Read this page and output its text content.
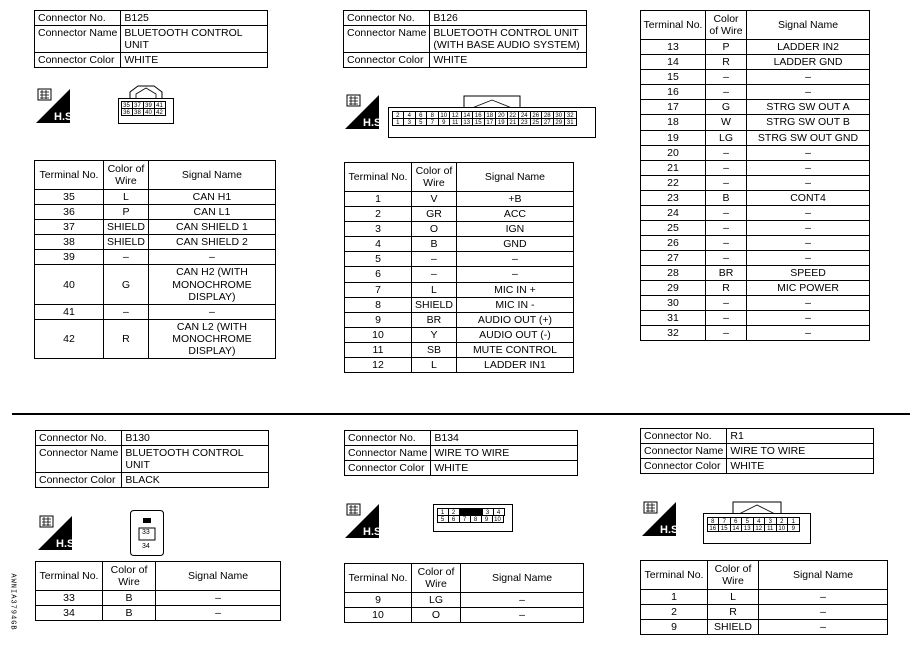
Connector No.	B125
Connector Name	BLUETOOTH CONTROL UNIT
Connector Color	WHITE
35 37 39 41
36 38 40 42
Terminal No.	Color of Wire	Signal Name
35	L	CAN H1
36	P	CAN L1
37	SHIELD	CAN SHIELD 1
38	SHIELD	CAN SHIELD 2
39	–	–
40	G	CAN H2 (WITH MONOCHROME DISPLAY)
41	–	–
42	R	CAN L2 (WITH MONOCHROME DISPLAY)
Connector No.	B126
Connector Name	BLUETOOTH CONTROL UNIT (WITH BASE AUDIO SYSTEM)
Connector Color	WHITE
2	4	6	8	10 12 14 16 18 20 22 24 26 28 30 32
1	3	5	7	9	11 13 15 17 19 21 23 25 27 29 31
Terminal No.	Color of Wire	Signal Name
1	V	+B
2	GR	ACC
3	O	IGN
4	B	GND
5	–	–
6	–	–
7	L	MIC IN +
8	SHIELD	MIC IN -
9	BR	AUDIO OUT (+)
10	Y	AUDIO OUT (-)
11	SB	MUTE CONTROL
12	L	LADDER IN1
Terminal No.	Color of Wire	Signal Name
13	P	LADDER IN2
14	R	LADDER GND
15	–	–
16	–	–
17	G	STRG SW OUT A
18	W	STRG SW OUT B
19	LG	STRG SW OUT GND
20	–	–
21	–	–
22	–	–
23	B	CONT4
24	–	–
25	–	–
26	–	–
27	–	–
28	BR	SPEED
29	R	MIC POWER
30	–	–
31	–	–
32	–	–
Connector No.	B130
Connector Name	BLUETOOTH CONTROL UNIT
Connector Color	BLACK
33
34
Terminal No.	Color of Wire	Signal Name
33	B	–
34	B	–
Connector No.	B134
Connector Name	WIRE TO WIRE
Connector Color	WHITE
1	2	3	4
5	6	7	8	9 10
Terminal No.	Color of Wire	Signal Name
9	LG	–
10	O	–
Connector No.	R1
Connector Name	WIRE TO WIRE
Connector Color	WHITE
8	7	6	5	4	3	2	1
16 15 14 13 12 11 10	9
Terminal No.	Color of Wire	Signal Name
1	L	–
2	R	–
9	SHIELD	–
AWNIA3794GB
